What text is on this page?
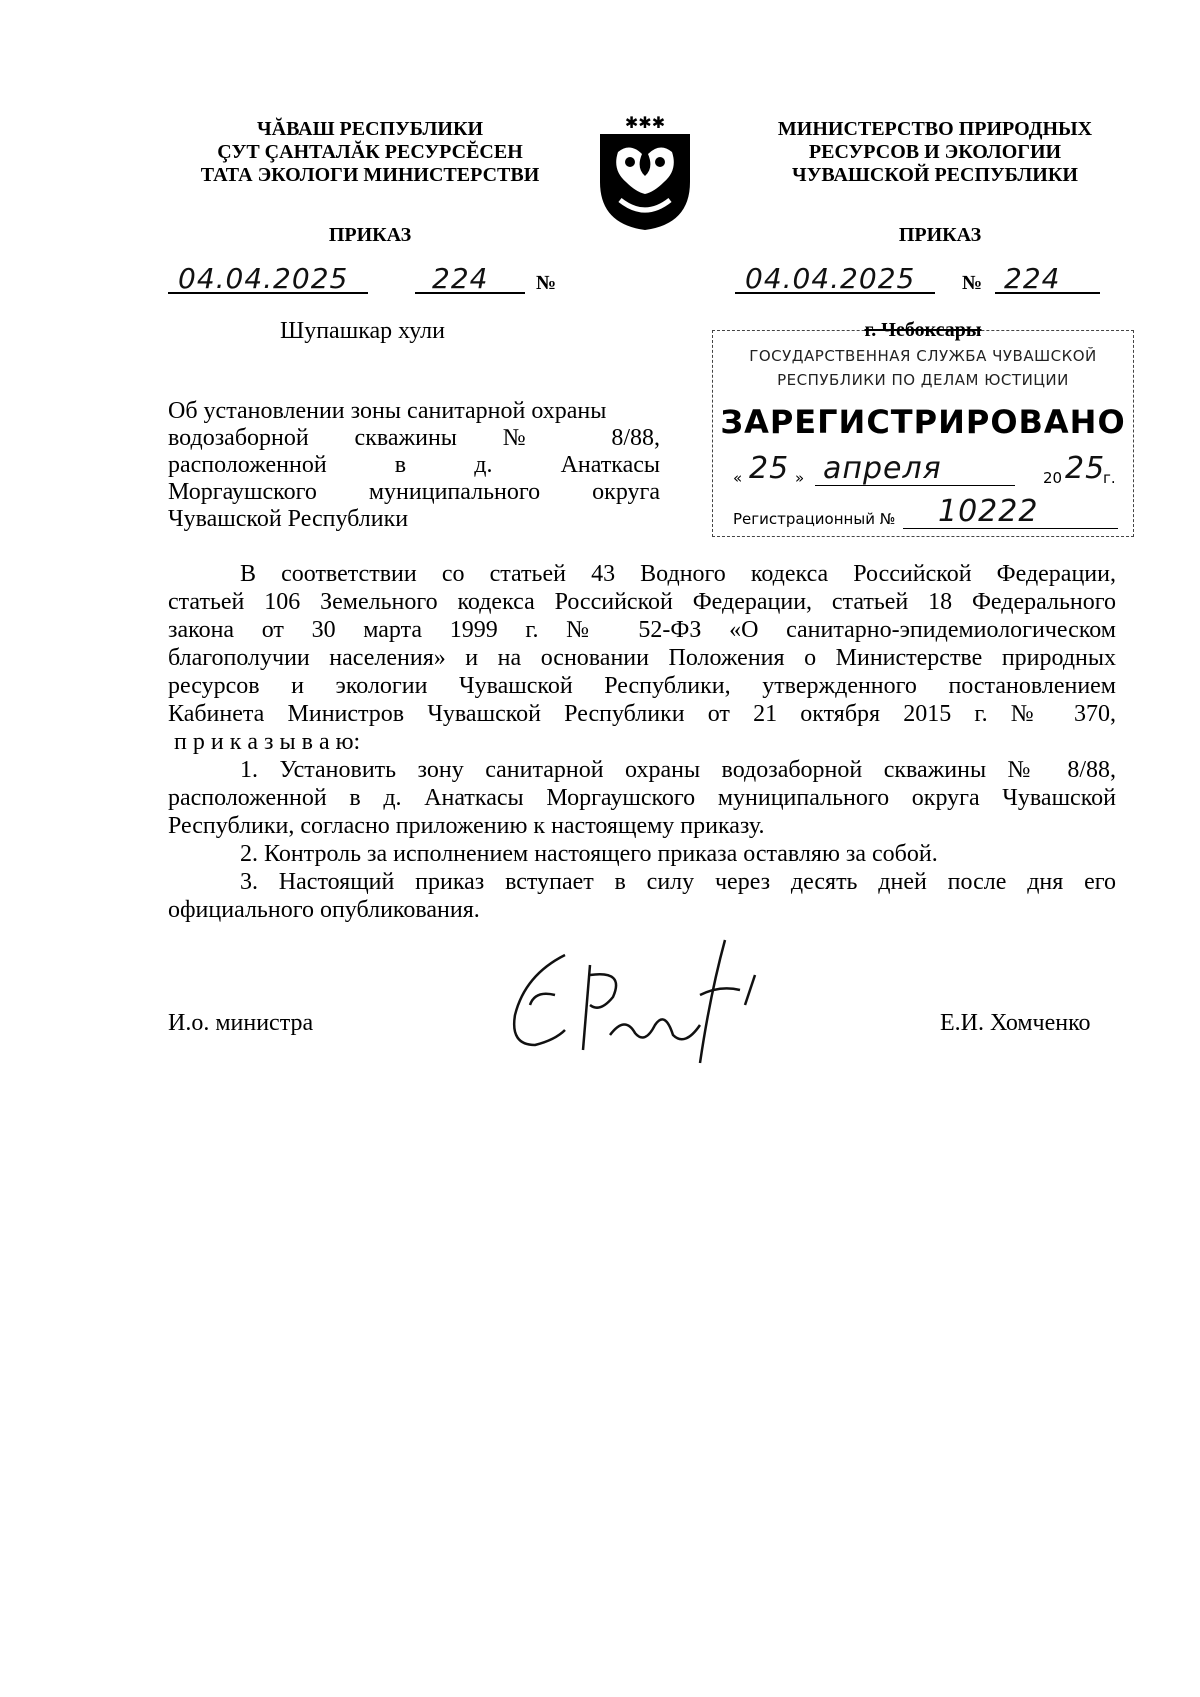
ЧĂВАШ РЕСПУБЛИКИ
ÇУТ ÇАНТАЛĂК РЕСУРСĔСЕН
ТАТА ЭКОЛОГИ МИНИСТЕРСТВИ
✱✱✱	МИНИСТЕРСТВО ПРИРОДНЫХ
РЕСУРСОВ И ЭКОЛОГИИ
ЧУВАШСКОЙ РЕСПУБЛИКИ
ПРИКАЗ	ПРИКАЗ
04.04.2025	224 №	04.04.2025 № 224
Шупашкар хули	г. Чебоксары
ГОСУДАРСТВЕННАЯ СЛУЖБА ЧУВАШСКОЙ
РЕСПУБЛИКИ ПО ДЕЛАМ ЮСТИЦИИ
ЗАРЕГИСТРИРОВАНО
« 25 » апреля	20 25
г.
Регистрационный № 10222
Об установлении зоны санитарной охраны
водозаборной скважины № 8/88,
расположенной в д. Анаткасы
Моргаушского муниципального округа
Чувашской Республики
В соответствии со статьей 43 Водного кодекса Российской Федерации,
статьей 106 Земельного кодекса Российской Федерации, статьей 18 Федерального
закона от 30 марта 1999 г. № 52-ФЗ «О санитарно-эпидемиологическом
благополучии населения» и на основании Положения о Министерстве природных
ресурсов и экологии Чувашской Республики, утвержденного постановлением
Кабинета Министров Чувашской Республики от 21 октября 2015 г. № 370,
п р и к а з ы в а ю:
1. Установить зону санитарной охраны водозаборной скважины № 8/88,
расположенной в д. Анаткасы Моргаушского муниципального округа Чувашской
Республики, согласно приложению к настоящему приказу.
2. Контроль за исполнением настоящего приказа оставляю за собой.
3. Настоящий приказ вступает в силу через десять дней после дня его
официального опубликования.
И.о. министра	Е.И. Хомченко
